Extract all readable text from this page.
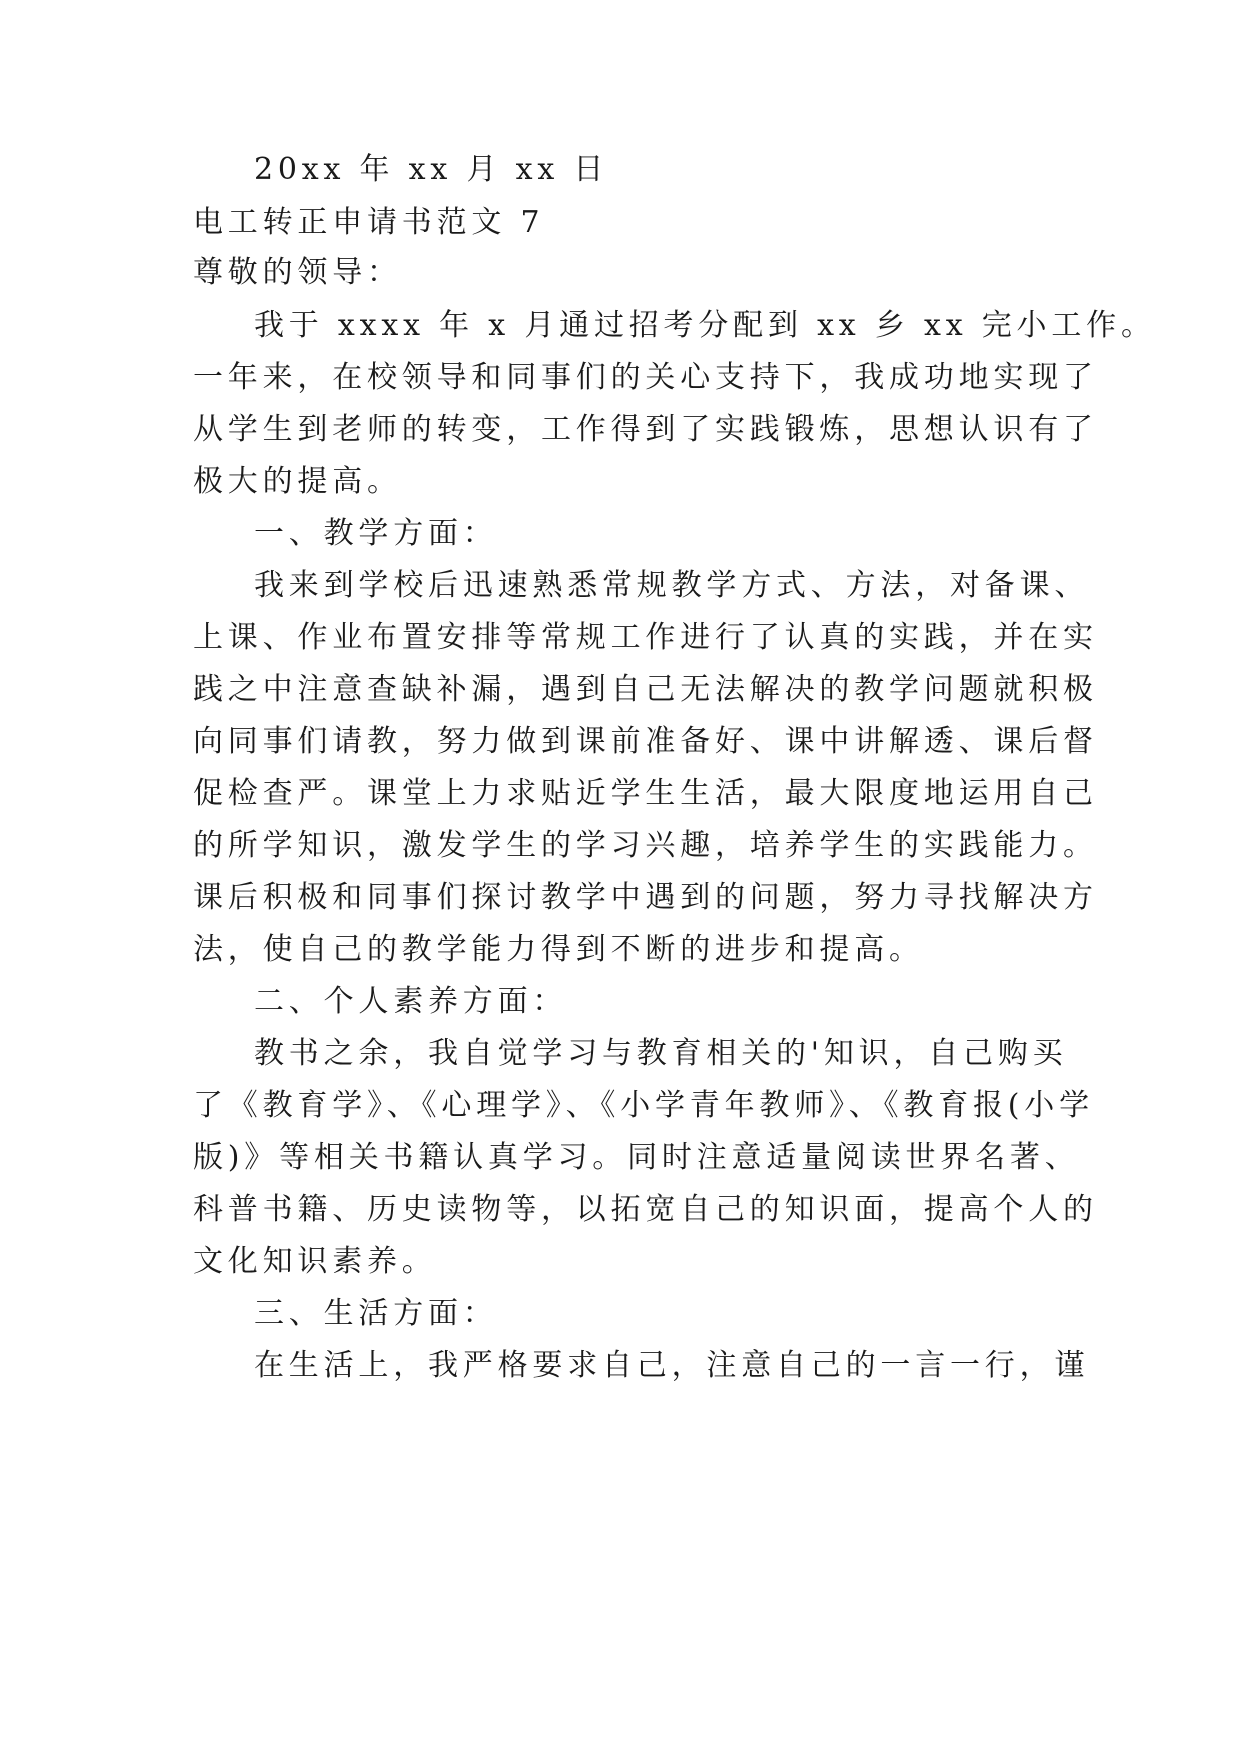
20xx 年 xx 月 xx 日
电工转正申请书范文 7
尊敬的领导：
我于 xxxx 年 x 月通过招考分配到 xx 乡 xx 完小工作。
一年来，在校领导和同事们的关心支持下，我成功地实现了
从学生到老师的转变，工作得到了实践锻炼，思想认识有了
极大的提高。
一、教学方面：
我来到学校后迅速熟悉常规教学方式、方法，对备课、
上课、作业布置安排等常规工作进行了认真的实践，并在实
践之中注意查缺补漏，遇到自己无法解决的教学问题就积极
向同事们请教，努力做到课前准备好、课中讲解透、课后督
促检查严。课堂上力求贴近学生生活，最大限度地运用自己
的所学知识，激发学生的学习兴趣，培养学生的实践能力。
课后积极和同事们探讨教学中遇到的问题，努力寻找解决方
法，使自己的教学能力得到不断的进步和提高。
二、个人素养方面：
教书之余，我自觉学习与教育相关的'知识，自己购买
了《教育学》、《心理学》、《小学青年教师》、《教育报(小学
版)》等相关书籍认真学习。同时注意适量阅读世界名著、
科普书籍、历史读物等，以拓宽自己的知识面，提高个人的
文化知识素养。
三、生活方面：
在生活上，我严格要求自己，注意自己的一言一行，谨
